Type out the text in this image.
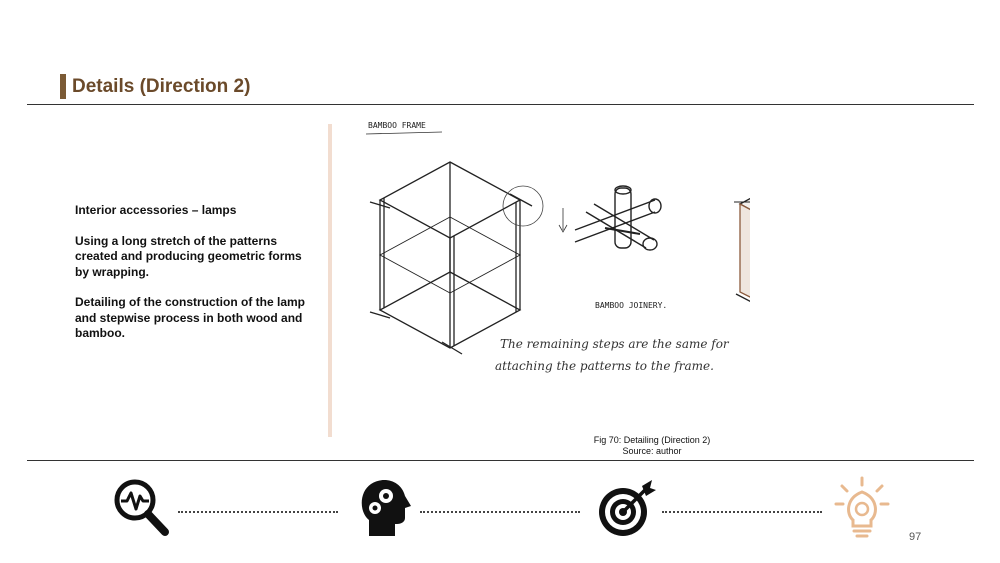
Details (Direction 2)

Interior accessories – lamps

Using a long stretch of the patterns created and producing geometric forms by wrapping.

Detailing of the construction of the lamp and stepwise process in both wood and bamboo.

BAMBOO FRAME
BAMBOO JOINERY.
The remaining steps are the same for
attaching the patterns to the frame.
Fig 70: Detailing (Direction 2)
Source: author
97
